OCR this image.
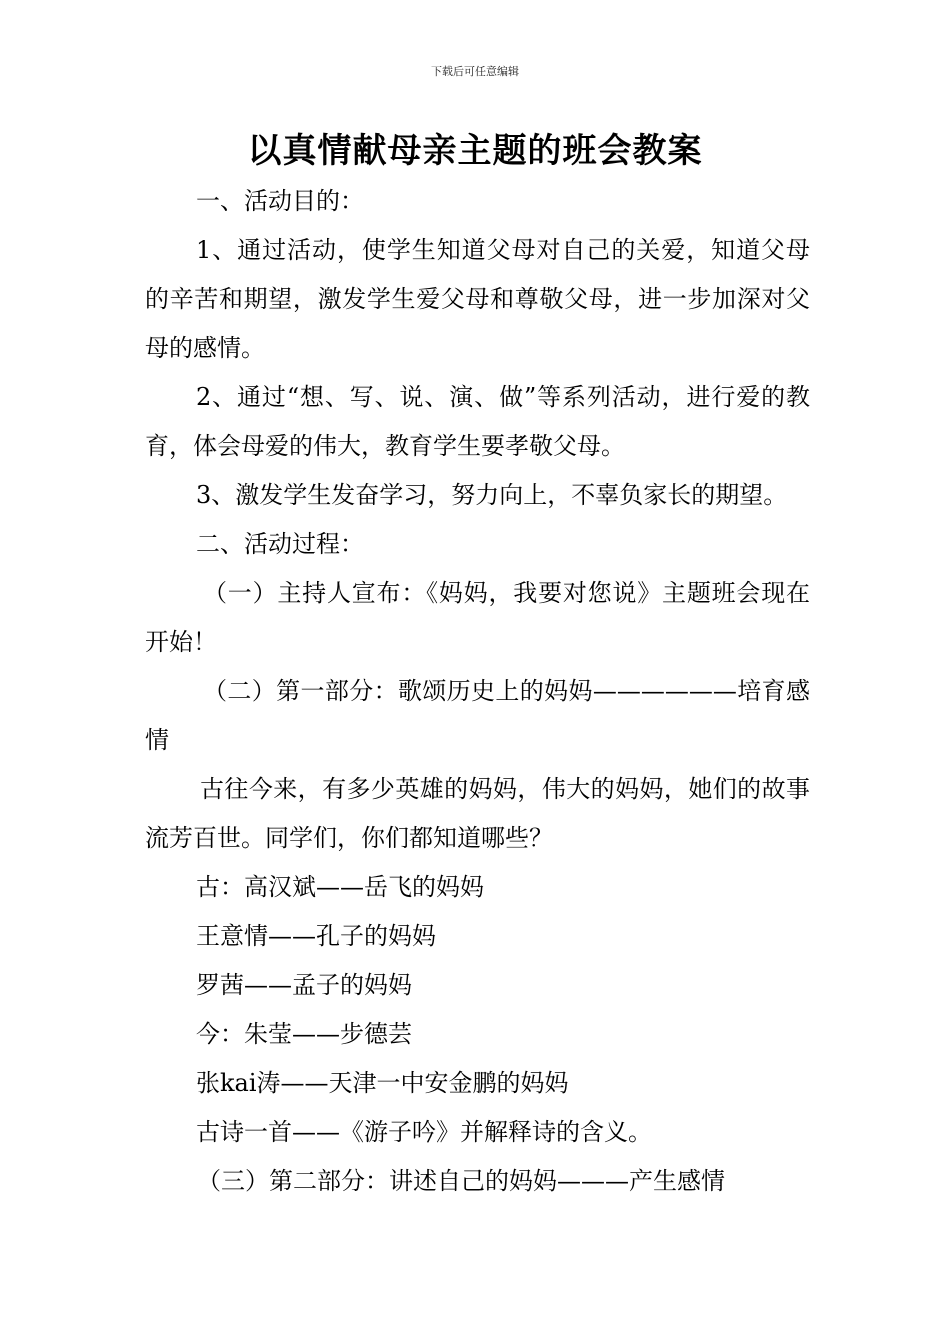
下载后可任意编辑
以真情献母亲主题的班会教案

一、活动目的：

1、通过活动，使学生知道父母对自己的关爱，知道父母的辛苦和期望，激发学生爱父母和尊敬父母，进一步加深对父母的感情。

2、通过“想、写、说、演、做”等系列活动，进行爱的教育，体会母爱的伟大，教育学生要孝敬父母。

3、激发学生发奋学习，努力向上，不辜负家长的期望。

二、活动过程：

（一）主持人宣布：《妈妈，我要对您说》主题班会现在开始！

（二）第一部分：歌颂历史上的妈妈——————培育感情

古往今来，有多少英雄的妈妈，伟大的妈妈，她们的故事流芳百世。同学们，你们都知道哪些？

古：高汉斌——岳飞的妈妈

王意情——孔子的妈妈

罗茜——孟子的妈妈

今：朱莹——步德芸

张kai涛——天津一中安金鹏的妈妈

古诗一首——《游子吟》并解释诗的含义。

（三）第二部分：讲述自己的妈妈———产生感情
